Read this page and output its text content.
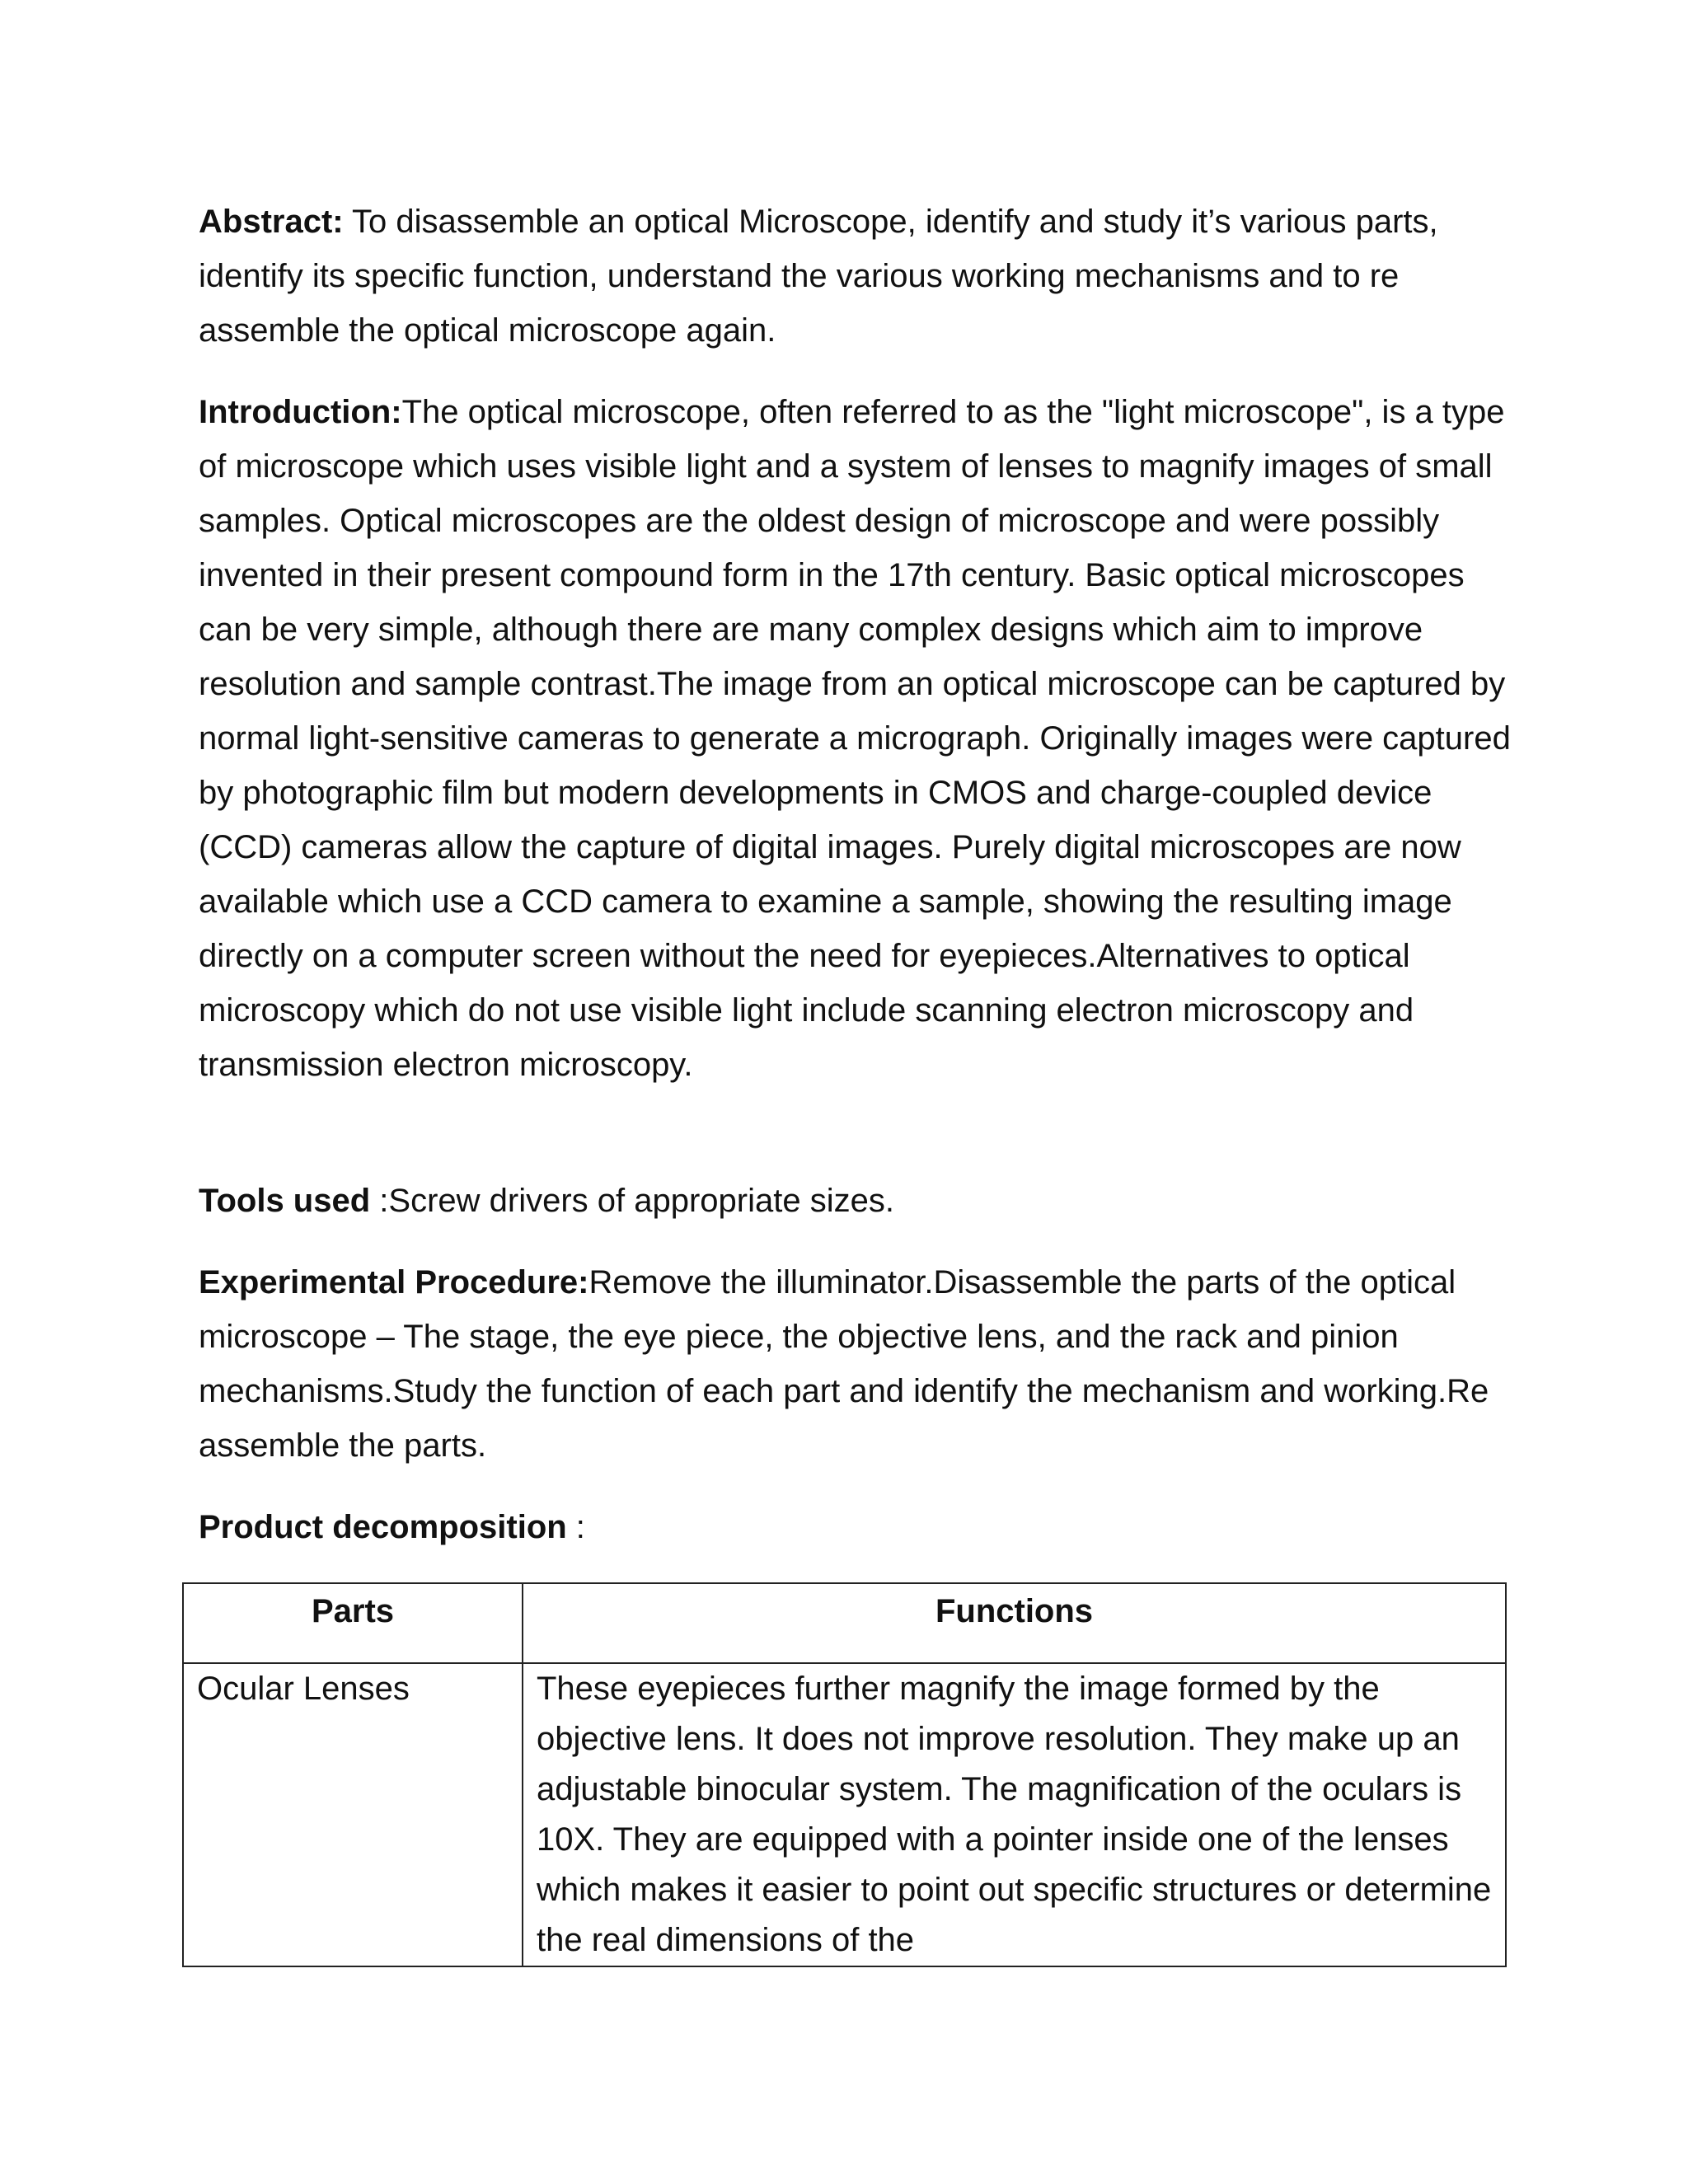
Abstract: To disassemble an optical Microscope, identify and study it’s various parts, identify its specific function, understand the various working mechanisms and to re assemble the optical microscope again.

Introduction:The optical microscope, often referred to as the "light microscope", is a type of microscope which uses visible light and a system of lenses to magnify images of small samples. Optical microscopes are the oldest design of microscope and were possibly invented in their present compound form in the 17th century. Basic optical microscopes can be very simple, although there are many complex designs which aim to improve resolution and sample contrast.The image from an optical microscope can be captured by normal light-sensitive cameras to generate a micrograph. Originally images were captured by photographic film but modern developments in CMOS and charge-coupled device (CCD) cameras allow the capture of digital images. Purely digital microscopes are now available which use a CCD camera to examine a sample, showing the resulting image directly on a computer screen without the need for eyepieces.Alternatives to optical microscopy which do not use visible light include scanning electron microscopy and transmission electron microscopy.

Tools used :Screw drivers of appropriate sizes.

Experimental Procedure:Remove the illuminator.Disassemble the parts of the optical microscope – The stage, the eye piece, the objective lens, and the rack and pinion mechanisms.Study the function of each part and identify the mechanism and working.Re assemble the parts.

Product decomposition :

Parts	Functions

Ocular Lenses	These eyepieces further magnify the image formed by the objective lens. It does not improve resolution. They make up an adjustable binocular system. The magnification of the oculars is 10X. They are equipped with a pointer inside one of the lenses which makes it easier to point out specific structures or determine the real dimensions of the
